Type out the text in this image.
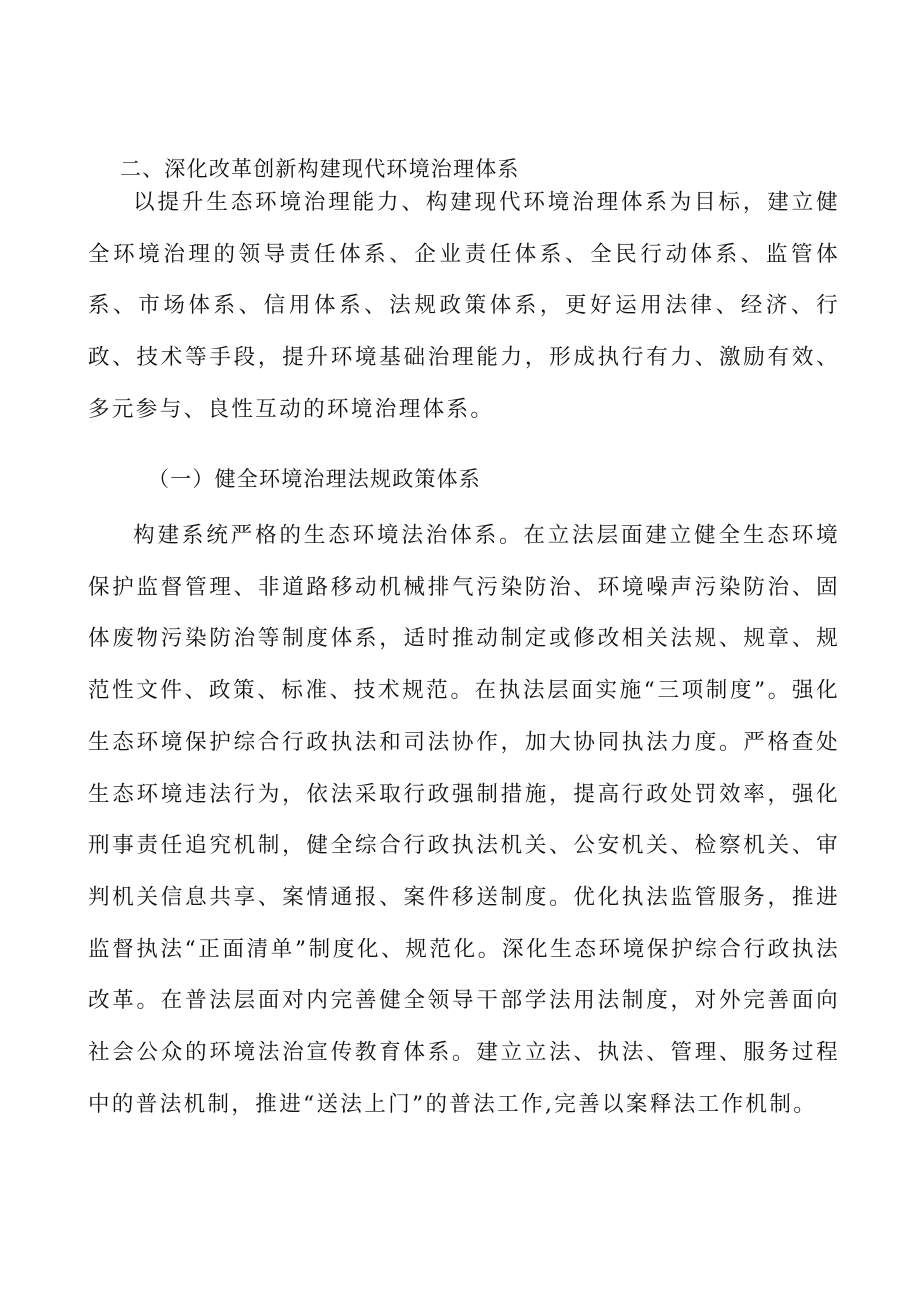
二、深化改革创新构建现代环境治理体系

以提升生态环境治理能力、构建现代环境治理体系为目标，建立健全环境治理的领导责任体系、企业责任体系、全民行动体系、监管体系、市场体系、信用体系、法规政策体系，更好运用法律、经济、行政、技术等手段，提升环境基础治理能力，形成执行有力、激励有效、多元参与、良性互动的环境治理体系。

（一）健全环境治理法规政策体系

构建系统严格的生态环境法治体系。在立法层面建立健全生态环境保护监督管理、非道路移动机械排气污染防治、环境噪声污染防治、固体废物污染防治等制度体系，适时推动制定或修改相关法规、规章、规范性文件、政策、标准、技术规范。在执法层面实施“三项制度”。强化生态环境保护综合行政执法和司法协作，加大协同执法力度。严格查处生态环境违法行为，依法采取行政强制措施，提高行政处罚效率，强化刑事责任追究机制，健全综合行政执法机关、公安机关、检察机关、审判机关信息共享、案情通报、案件移送制度。优化执法监管服务，推进监督执法“正面清单”制度化、规范化。深化生态环境保护综合行政执法改革。在普法层面对内完善健全领导干部学法用法制度，对外完善面向社会公众的环境法治宣传教育体系。建立立法、执法、管理、服务过程中的普法机制，推进“送法上门”的普法工作,完善以案释法工作机制。
